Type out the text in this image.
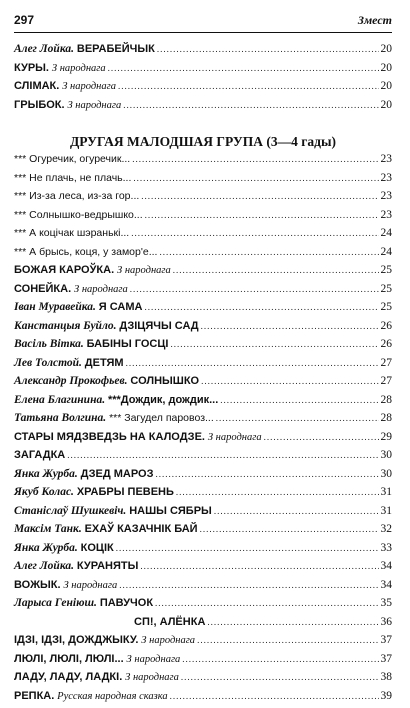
297	Змест
Алег Лойка. ВЕРАБЕЙЧЫК .....	20
КУРЫ. З народнага .....	20
СЛІМАК. З народнага .....	20
ГРЫБОК. З народнага .....	20
ДРУГАЯ МАЛОДШАЯ ГРУПА (3—4 гады)
*** Огуречик, огуречик... .....	23
*** Не плачь, не плачь... .....	23
*** Из-за леса, из-за гор... .....	23
*** Солнышко-ведрышко... .....	23
*** А коцічак шэранькі... .....	24
*** А брысь, коця, у замор'е... .....	24
БОЖАЯ КАРОЎКА. З народнага .....	25
СОНЕЙКА. З народнага .....	25
Іван Муравейка. Я САМА .....	25
Канстанцыя Буйло. ДЗІЦЯЧЫ САД .....	26
Васіль Вітка. БАБІНЫ ГОСЦІ .....	26
Лев Толстой. ДЕТЯМ .....	27
Александр Прокофьев. СОЛНЫШКО .....	27
Елена Благинина. ***Дождик, дождик... .....	28
Татьяна Волгина. *** Загудел паровоз... .....	28
СТАРЫ МЯДЗВЕДЗЬ НА КАЛОДЗЕ. З народнага .....	29
ЗАГАДКА .....	30
Янка Журба. ДЗЕД МАРОЗ .....	30
Якуб Колас. ХРАБРЫ ПЕВЕНЬ .....	31
Станіслаў Шушкевіч. НАШЫ СЯБРЫ .....	31
Максім Танк. ЕХАЎ КАЗАЧНІК БАЙ .....	32
Янка Журба. КОЦІК .....	33
Алег Лойка. КУРАНЯТЫ .....	34
ВОЖЫК. З народнага .....	34
Ларыса Геніюш. ПАВУЧОК .....	35
СП!, АЛЁНКА .....	36
ІДЗІ, ІДЗІ, ДОЖДЖЫКУ. З народнага .....	37
ЛЮЛІ, ЛЮЛІ, ЛЮЛІ... З народнага .....	37
ЛАДУ, ЛАДУ, ЛАДКІ. З народнага .....	38
РЕПКА. Русская народная сказка .....	39
